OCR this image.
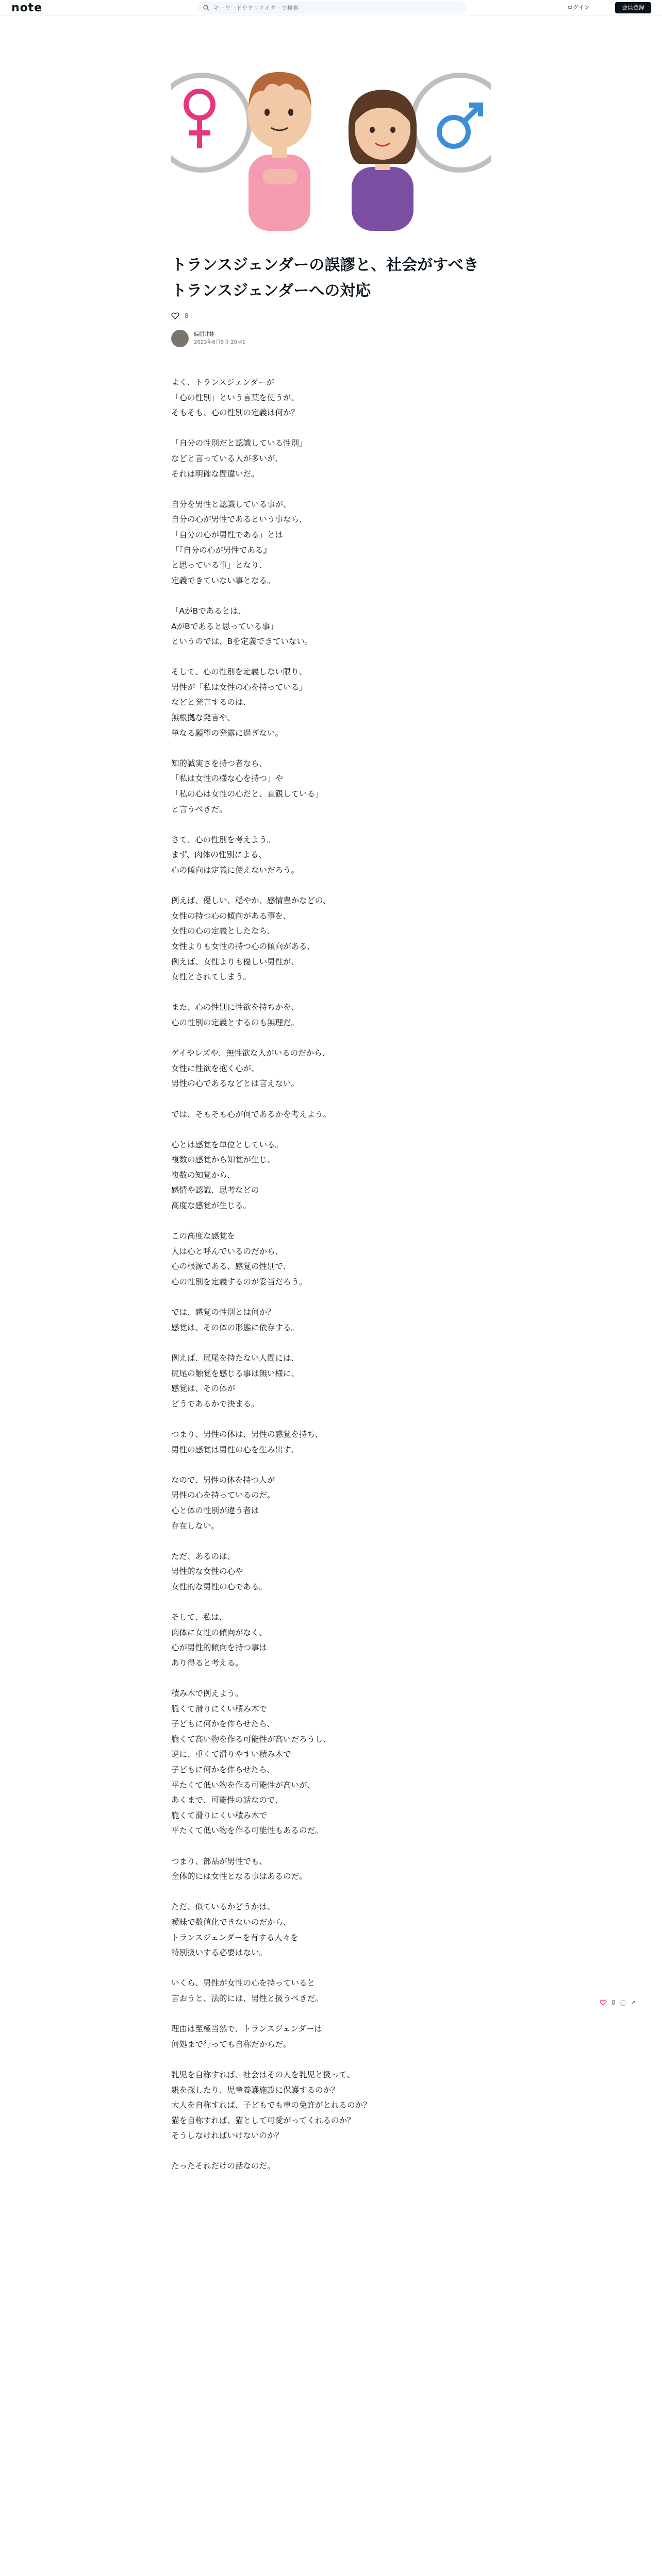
note
キーワードやクリエイターで検索	ログイン	会員登録
トランスジェンダーの誤謬と、社会がすべきトランスジェンダーへの対応
8
偏屈井蛙
2023年6月9日 20:41
よく、トランスジェンダーが
「心の性別」という言葉を使うが、
そもそも、心の性別の定義は何か？

「自分の性別だと認識している性別」
などと言っている人が多いが、
それは明確な間違いだ。

自分を男性と認識している事が、
自分の心が男性であるという事なら、
「自分の心が男性である」とは
「『自分の心が男性である』
と思っている事」となり、
定義できていない事となる。

「AがBであるとは、
AがBであると思っている事」
というのでは、Bを定義できていない。

そして、心の性別を定義しない限り、
男性が「私は女性の心を持っている」
などと発言するのは、
無根拠な発言や、
単なる願望の発露に過ぎない。

知的誠実さを持つ者なら、
「私は女性の様な心を持つ」や
「私の心は女性の心だと、直観している」
と言うべきだ。

さて、心の性別を考えよう。
まず、肉体の性別による、
心の傾向は定義に使えないだろう。

例えば、優しい、穏やか、感情豊かなどの、
女性の持つ心の傾向がある事を、
女性の心の定義としたなら、
女性よりも女性の持つ心の傾向がある、
例えば、女性よりも優しい男性が、
女性とされてしまう。

また、心の性別に性欲を持ちかを、
心の性別の定義とするのも無理だ。

ゲイやレズや、無性欲な人がいるのだから、
女性に性欲を抱く心が、
男性の心であるなどとは言えない。

では、そもそも心が何であるかを考えよう。

心とは感覚を単位としている。
複数の感覚から知覚が生じ、
複数の知覚から、
感情や認識、思考などの
高度な感覚が生じる。

この高度な感覚を
人は心と呼んでいるのだから、
心の根源である、感覚の性別で、
心の性別を定義するのが妥当だろう。

では、感覚の性別とは何か？
感覚は、その体の形態に依存する。

例えば、尻尾を持たない人間には、
尻尾の触覚を感じる事は無い様に、
感覚は、その体が
どうであるかで決まる。

つまり、男性の体は、男性の感覚を持ち、
男性の感覚は男性の心を生み出す。

なので、男性の体を持つ人が
男性の心を持っているのだ。
心と体の性別が違う者は
存在しない。

ただ、あるのは、
男性的な女性の心や
女性的な男性の心である。

そして、私は、
肉体に女性の傾向がなく、
心が男性的傾向を持つ事は
あり得ると考える。

積み木で例えよう。
脆くて滑りにくい積み木で
子どもに何かを作らせたら、
脆くて高い物を作る可能性が高いだろうし、
逆に、重くて滑りやすい積み木で
子どもに何かを作らせたら、
平たくて低い物を作る可能性が高いが、
あくまで、可能性の話なので、
脆くて滑りにくい積み木で
平たくて低い物を作る可能性もあるのだ。

つまり、部品が男性でも、
全体的には女性となる事はあるのだ。

ただ、似ているかどうかは、
曖昧で数値化できないのだから、
トランスジェンダーを有する人々を
特別扱いする必要はない。

いくら、男性が女性の心を持っていると
言おうと、法的には、男性と扱うべきだ。

理由は至極当然で、トランスジェンダーは
何処まで行っても自称だからだ。

乳児を自称すれば、社会はその人を乳児と扱って、
親を探したり、児童養護施設に保護するのか？
大人を自称すれば、子どもでも車の免許がとれるのか？
猫を自称すれば、猫として可愛がってくれるのか？
そうしなければいけないのか？

たったそれだけの話なのだ。
8 ▢ ↗
